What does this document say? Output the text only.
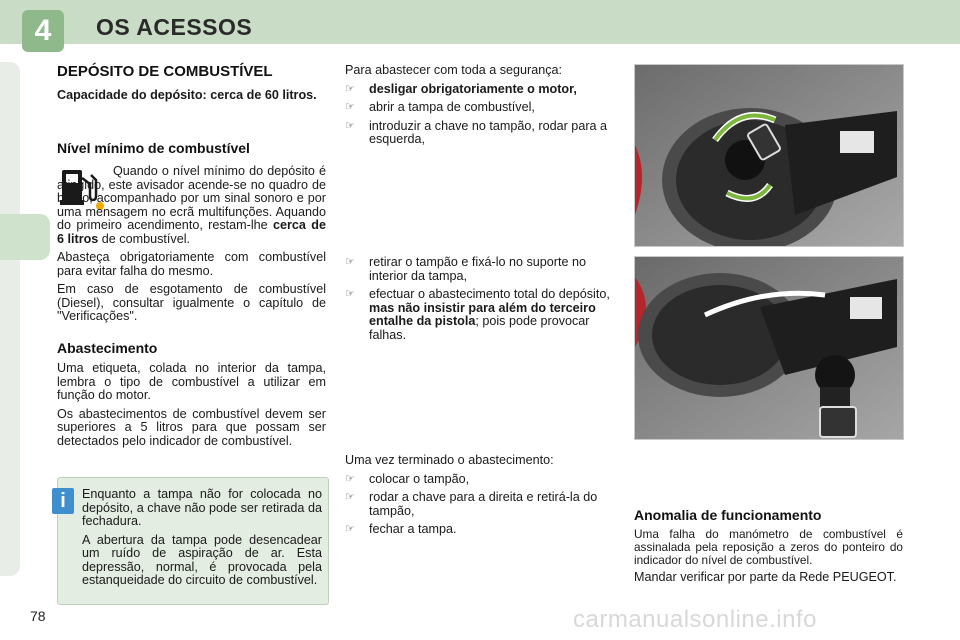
4	OS ACESSOS
DEPÓSITO DE COMBUSTÍVEL

Capacidade do depósito: cerca de 60 litros.

Nível mínimo de combustível

Quando o nível mínimo do depósito é atingido, este avisador acende-se no quadro de bordo, acompanhado por um sinal sonoro e por uma mensagem no ecrã multifunções. Aquando do primeiro acendimento, restam-lhe cerca de 6 litros de combustível.

Abasteça obrigatoriamente com combustível para evitar falha do mesmo.

Em caso de esgotamento de combustível (Diesel), consultar igualmente o capítulo de "Verificações".

Abastecimento

Uma etiqueta, colada no interior da tampa, lembra o tipo de combustível a utilizar em função do motor.

Os abastecimentos de combustível devem ser superiores a 5 litros para que possam ser detectados pelo indicador de combustível.

i	Enquanto a tampa não for colocada no depósito, a chave não pode ser retirada da fechadura.

A abertura da tampa pode desencadear um ruído de aspiração de ar. Esta depressão, normal, é provocada pela estanqueidade do circuito de combustível.

Para abastecer com toda a segurança:

☞ desligar obrigatoriamente o motor,
☞ abrir a tampa de combustível,
☞ introduzir a chave no tampão, rodar para a esquerda,
☞ retirar o tampão e fixá-lo no suporte no interior da tampa,
☞ efectuar o abastecimento total do depósito, mas não insistir para além do terceiro entalhe da pistola; pois pode provocar falhas.

Uma vez terminado o abastecimento:

☞ colocar o tampão,
☞ rodar a chave para a direita e retirá-la do tampão,
☞ fechar a tampa.
Anomalia de funcionamento

Uma falha do manómetro de combustível é assinalada pela reposição a zeros do ponteiro do indicador do nível de combustível.

Mandar verificar por parte da Rede PEUGEOT.

78	carmanualsonline.info
